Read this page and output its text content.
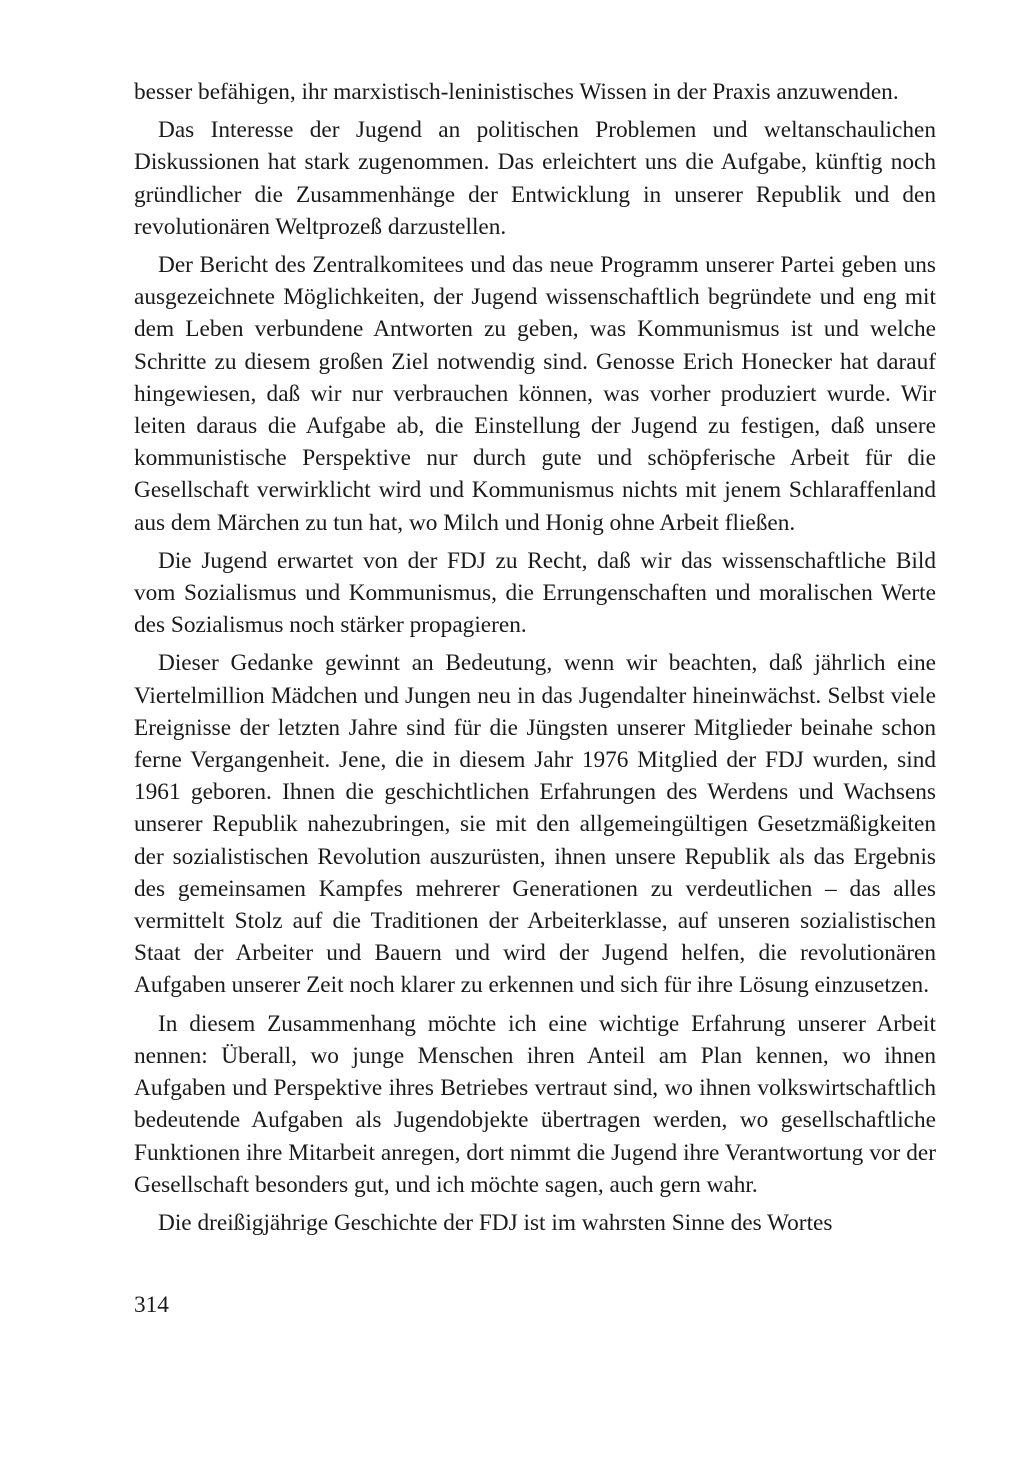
besser befähigen, ihr marxistisch-leninistisches Wissen in der Praxis anzuwenden.

Das Interesse der Jugend an politischen Problemen und weltanschaulichen Diskussionen hat stark zugenommen. Das erleichtert uns die Aufgabe, künftig noch gründlicher die Zusammenhänge der Entwicklung in unserer Republik und den revolutionären Weltprozeß darzustellen.

Der Bericht des Zentralkomitees und das neue Programm unserer Partei geben uns ausgezeichnete Möglichkeiten, der Jugend wissenschaftlich begründete und eng mit dem Leben verbundene Antworten zu geben, was Kommunismus ist und welche Schritte zu diesem großen Ziel notwendig sind. Genosse Erich Honecker hat darauf hingewiesen, daß wir nur verbrauchen können, was vorher produziert wurde. Wir leiten daraus die Aufgabe ab, die Einstellung der Jugend zu festigen, daß unsere kommunistische Perspektive nur durch gute und schöpferische Arbeit für die Gesellschaft verwirklicht wird und Kommunismus nichts mit jenem Schlaraffenland aus dem Märchen zu tun hat, wo Milch und Honig ohne Arbeit fließen.

Die Jugend erwartet von der FDJ zu Recht, daß wir das wissenschaftliche Bild vom Sozialismus und Kommunismus, die Errungenschaften und moralischen Werte des Sozialismus noch stärker propagieren.

Dieser Gedanke gewinnt an Bedeutung, wenn wir beachten, daß jährlich eine Viertelmillion Mädchen und Jungen neu in das Jugendalter hineinwächst. Selbst viele Ereignisse der letzten Jahre sind für die Jüngsten unserer Mitglieder beinahe schon ferne Vergangenheit. Jene, die in diesem Jahr 1976 Mitglied der FDJ wurden, sind 1961 geboren. Ihnen die geschichtlichen Erfahrungen des Werdens und Wachsens unserer Republik nahezubringen, sie mit den allgemeingültigen Gesetzmäßigkeiten der sozialistischen Revolution auszurüsten, ihnen unsere Republik als das Ergebnis des gemeinsamen Kampfes mehrerer Generationen zu verdeutlichen – das alles vermittelt Stolz auf die Traditionen der Arbeiterklasse, auf unseren sozialistischen Staat der Arbeiter und Bauern und wird der Jugend helfen, die revolutionären Aufgaben unserer Zeit noch klarer zu erkennen und sich für ihre Lösung einzusetzen.

In diesem Zusammenhang möchte ich eine wichtige Erfahrung unserer Arbeit nennen: Überall, wo junge Menschen ihren Anteil am Plan kennen, wo ihnen Aufgaben und Perspektive ihres Betriebes vertraut sind, wo ihnen volkswirtschaftlich bedeutende Aufgaben als Jugendobjekte übertragen werden, wo gesellschaftliche Funktionen ihre Mitarbeit anregen, dort nimmt die Jugend ihre Verantwortung vor der Gesellschaft besonders gut, und ich möchte sagen, auch gern wahr.

Die dreißigjährige Geschichte der FDJ ist im wahrsten Sinne des Wortes

314
